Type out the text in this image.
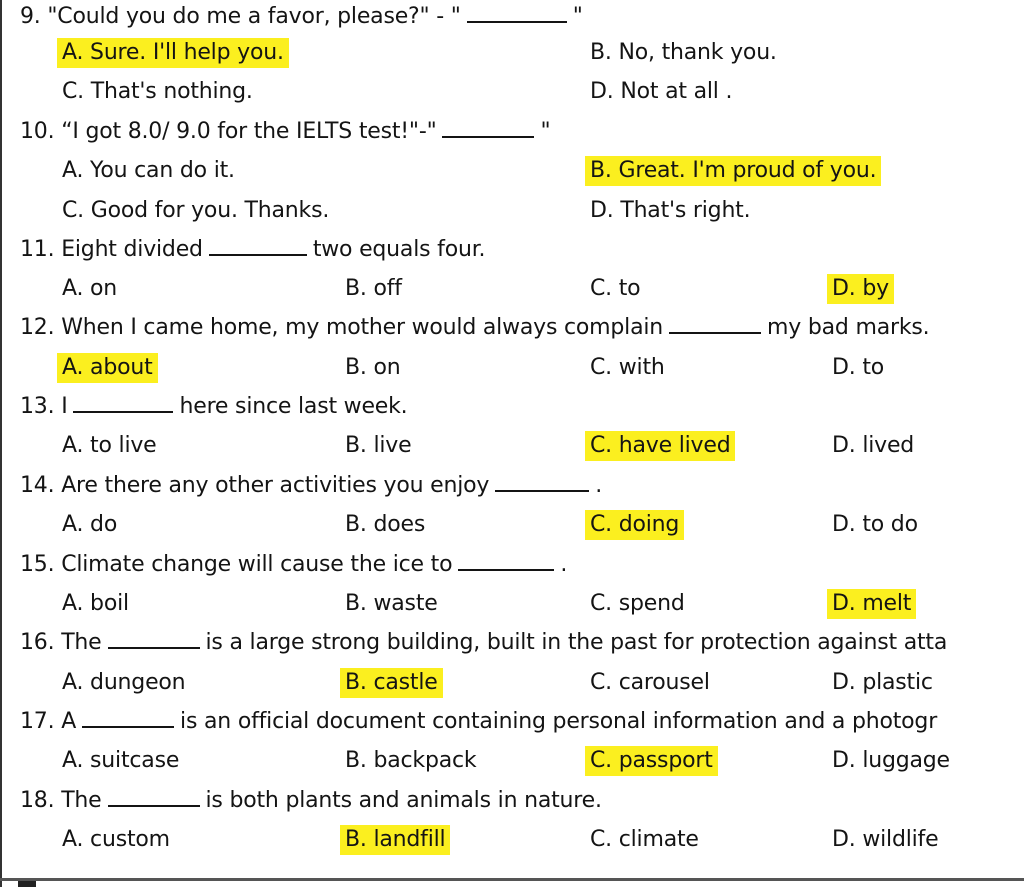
9. "Could you do me a favor, please?" - "	"
A. Sure. I'll help you.	B. No, thank you.
C. That's nothing.	D. Not at all .
10. “I got 8.0/ 9.0 for the IELTS test!"-"	"
A. You can do it.	B. Great. I'm proud of you.
C. Good for you. Thanks.	D. That's right.
11. Eight divided	two equals four.
A. on	B. off	C. to	D. by
12. When I came home, my mother would always complain	my bad marks.
A. about	B. on	C. with	D. to
13. I	here since last week.
A. to live	B. live	C. have lived	D. lived
14. Are there any other activities you enjoy	.
A. do	B. does	C. doing	D. to do
15. Climate change will cause the ice to	.
A. boil	B. waste	C. spend	D. melt
16. The	is a large strong building, built in the past for protection against atta
A. dungeon	B. castle	C. carousel	D. plastic
17. A	is an official document containing personal information and a photogr
A. suitcase	B. backpack	C. passport	D. luggage
18. The	is both plants and animals in nature.
A. custom	B. landfill	C. climate	D. wildlife
